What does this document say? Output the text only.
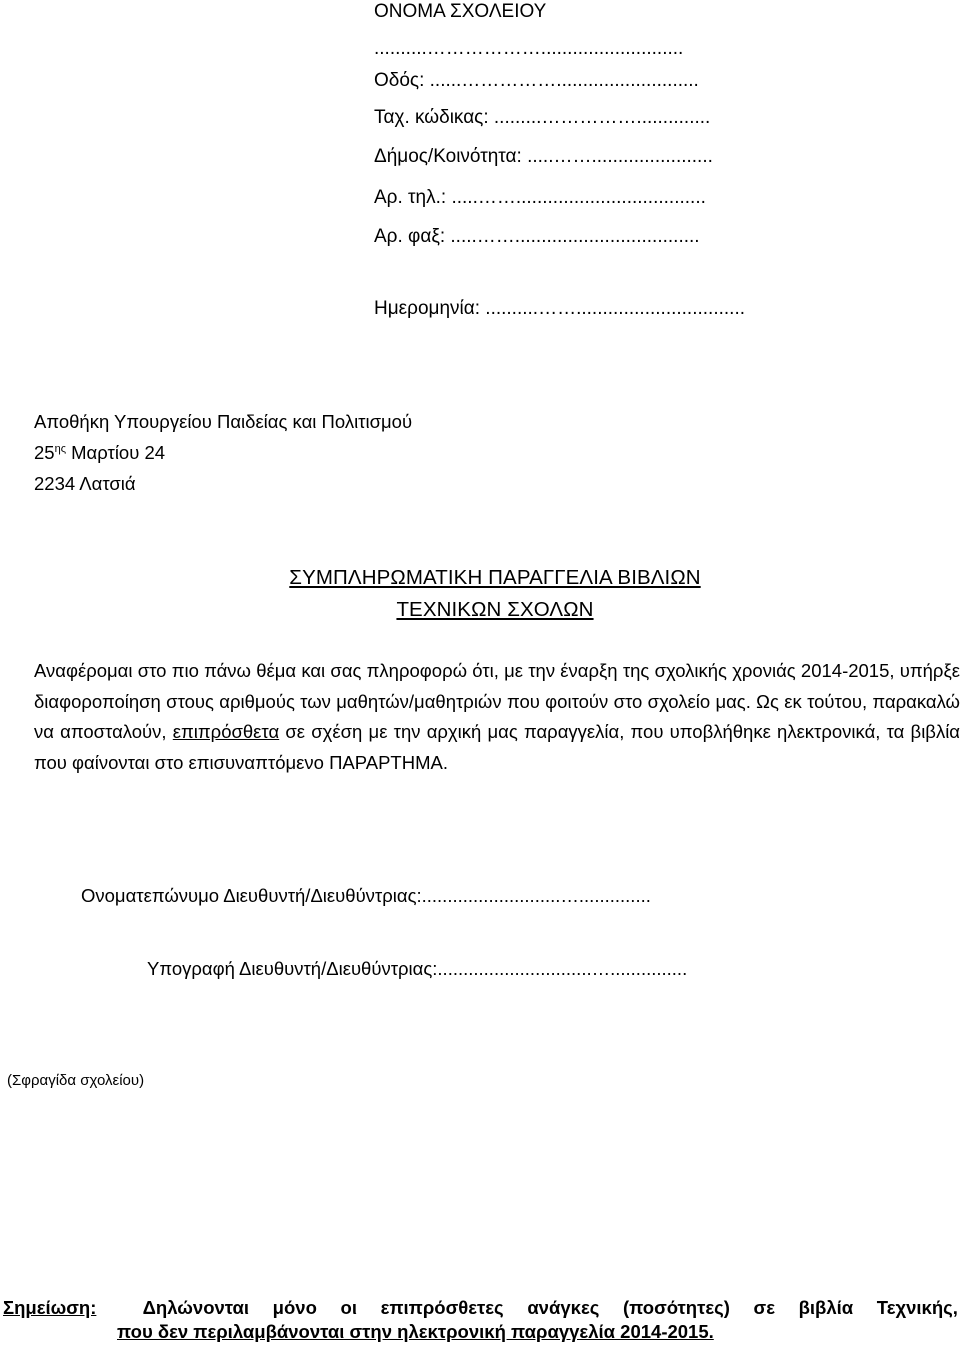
ΟΝΟΜΑ ΣΧΟΛΕΙΟΥ
..........………………...........................
Οδός: ......……………...........................
Ταχ. κώδικας: .........……………..............
Δήμος/Κοινότητα: .....…….......................
Αρ. τηλ.: .....……....................................
Αρ. φαξ: .....……...................................
Ημερομηνία: ..........……................................
Αποθήκη Υπουργείου Παιδείας και Πολιτισμού
$25^{\eta\varsigma}$ Μαρτίου 24
2234 Λατσιά
ΣΥΜΠΛΗΡΩΜΑΤΙΚΗ ΠΑΡΑΓΓΕΛΙΑ ΒΙΒΛΙΩΝ
ΤΕΧΝΙΚΩΝ ΣΧΟΛΩΝ
Αναφέρομαι στο πιο πάνω θέμα και σας πληροφορώ ότι, με την έναρξη της σχολικής χρονιάς 2014-2015, υπήρξε διαφοροποίηση στους αριθμούς των μαθητών/μαθητριών που φοιτούν στο σχολείο μας. Ως εκ τούτου, παρακαλώ να αποσταλούν, επιπρόσθετα σε σχέση με την αρχική μας παραγγελία, που υποβλήθηκε ηλεκτρονικά, τα βιβλία που φαίνονται στο επισυναπτόμενο ΠΑΡΑΡΤΗΜΑ.
Ονοματεπώνυμο Διευθυντή/Διευθύντριας:...........................…..............
Υπογραφή Διευθυντή/Διευθύντριας:..............................…...............
(Σφραγίδα σχολείου)
Σημείωση:	Δηλώνονται μόνο οι επιπρόσθετες ανάγκες (ποσότητες) σε βιβλία Τεχνικής,
που δεν περιλαμβάνονται στην ηλεκτρονική παραγγελία 2014-2015.
